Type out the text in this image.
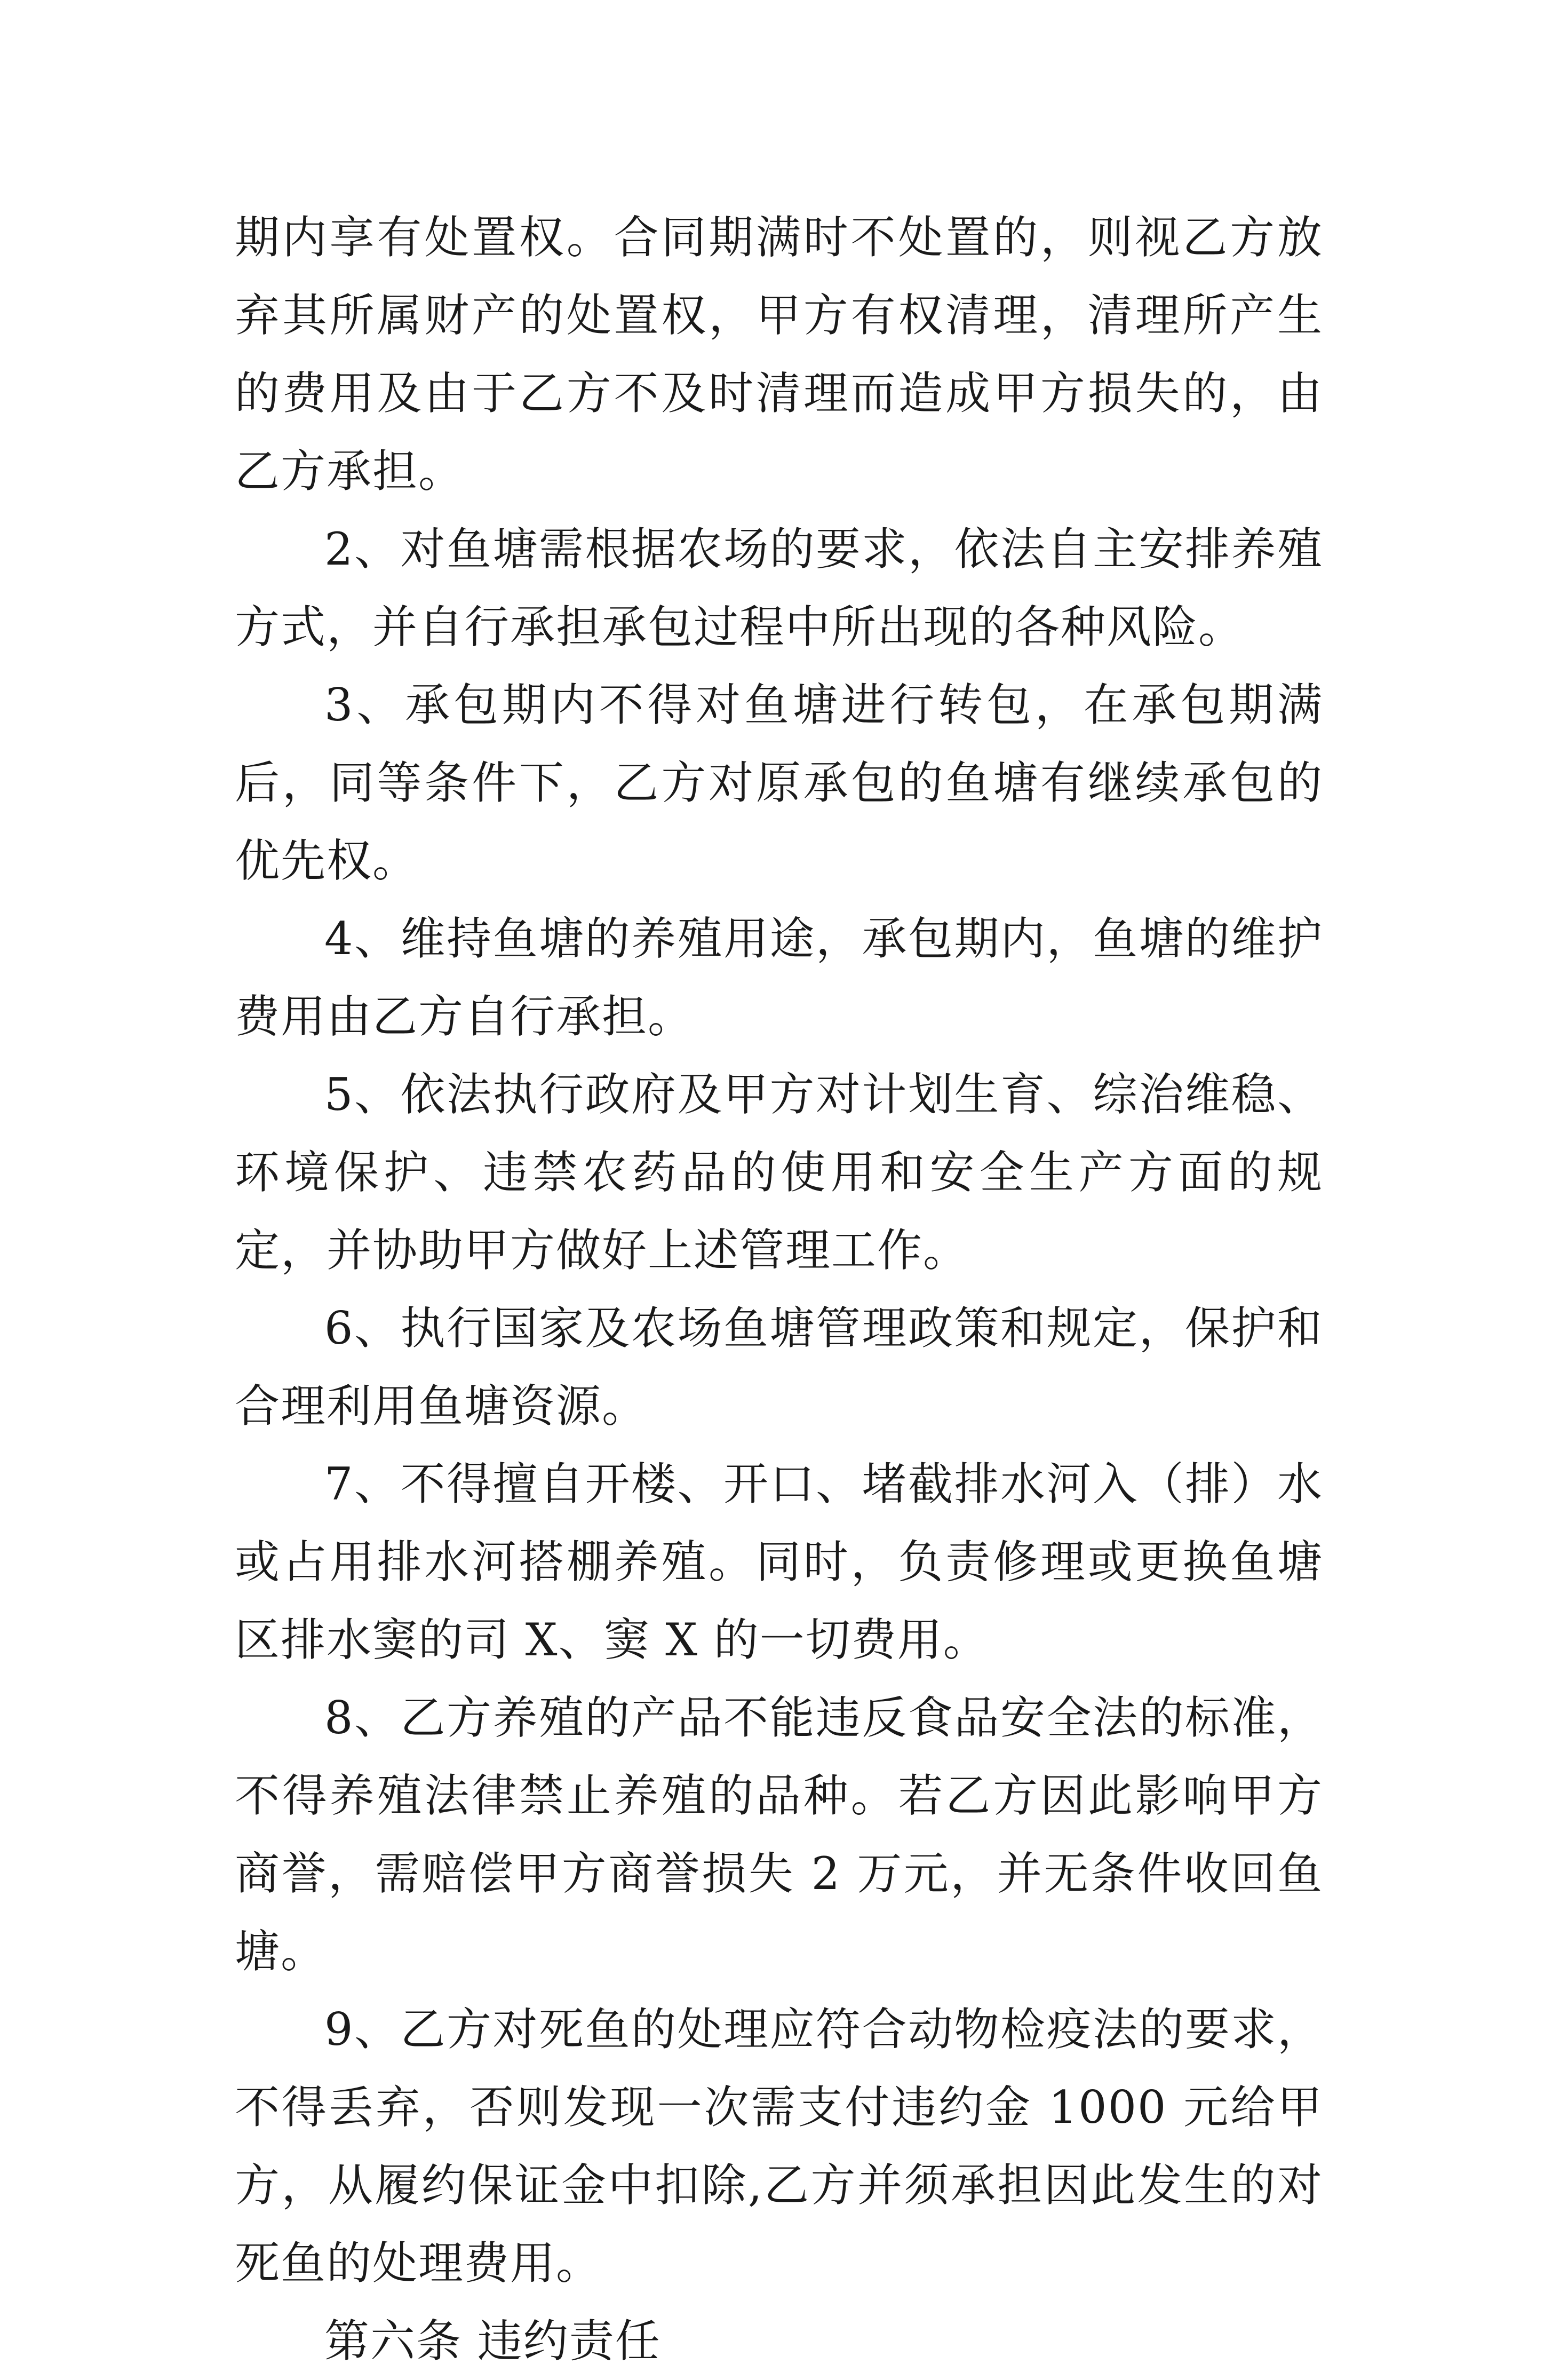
期内享有处置权。合同期满时不处置的，则视乙方放弃其所属财产的处置权，甲方有权清理，清理所产生的费用及由于乙方不及时清理而造成甲方损失的，由乙方承担。

2、对鱼塘需根据农场的要求，依法自主安排养殖方式，并自行承担承包过程中所出现的各种风险。

3、承包期内不得对鱼塘进行转包，在承包期满后，同等条件下，乙方对原承包的鱼塘有继续承包的优先权。

4、维持鱼塘的养殖用途，承包期内，鱼塘的维护费用由乙方自行承担。

5、依法执行政府及甲方对计划生育、综治维稳、环境保护、违禁农药品的使用和安全生产方面的规定，并协助甲方做好上述管理工作。

6、执行国家及农场鱼塘管理政策和规定，保护和合理利用鱼塘资源。

7、不得擅自开楼、开口、堵截排水河入（排）水或占用排水河搭棚养殖。同时，负责修理或更换鱼塘区排水窦的司 X、窦 X 的一切费用。

8、乙方养殖的产品不能违反食品安全法的标准，不得养殖法律禁止养殖的品种。若乙方因此影响甲方商誉，需赔偿甲方商誉损失 2 万元，并无条件收回鱼塘。

9、乙方对死鱼的处理应符合动物检疫法的要求，不得丢弃，否则发现一次需支付违约金 1000 元给甲方，从履约保证金中扣除,乙方并须承担因此发生的对死鱼的处理费用。

第六条 违约责任
